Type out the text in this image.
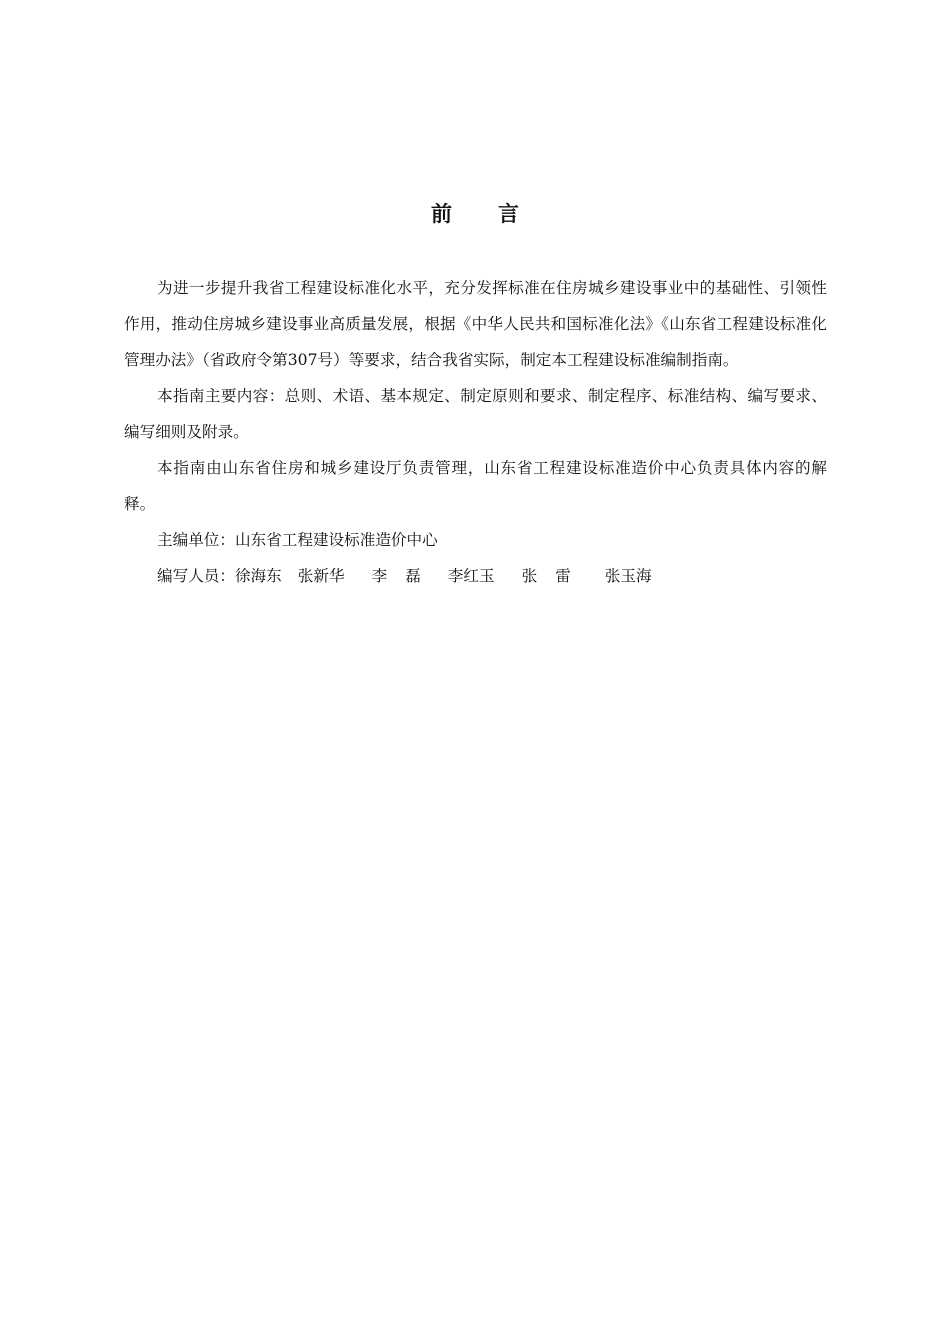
前 言

为进一步提升我省工程建设标准化水平，充分发挥标准在住房城乡建设事业中的基础性、引领性作用，推动住房城乡建设事业高质量发展，根据《中华人民共和国标准化法》《山东省工程建设标准化管理办法》（省政府令第307号）等要求，结合我省实际，制定本工程建设标准编制指南。

本指南主要内容：总则、术语、基本规定、制定原则和要求、制定程序、标准结构、编写要求、编写细则及附录。

本指南由山东省住房和城乡建设厅负责管理，山东省工程建设标准造价中心负责具体内容的解释。

主编单位：山东省工程建设标准造价中心

编写人员：徐海东 张新华 李 磊 李红玉 张 雷 张玉海
